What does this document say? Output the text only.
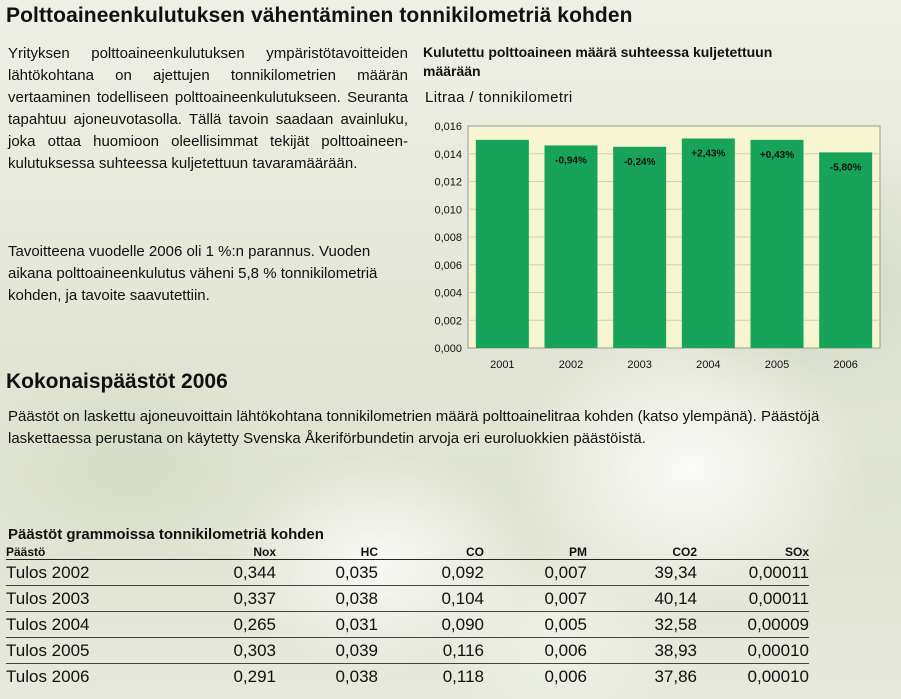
Polttoaineenkulutuksen vähentäminen tonnikilometriä kohden
Yrityksen polttoaineenkulutuksen ympäristötavoitteiden lähtökohtana on ajettujen tonnikilometrien määrän vertaaminen todelliseen polttoaineenkulutukseen. Seuranta tapahtuu ajoneuvotasolla. Tällä tavoin saadaan avainluku, joka ottaa huomioon oleellisimmat tekijät polttoaineen-kulutuksessa suhteessa kuljetettuun tavaramäärään.
Tavoitteena vuodelle 2006 oli 1 %:n parannus. Vuoden aikana polttoaineenkulutus väheni 5,8 % tonnikilometriä kohden, ja tavoite saavutettiin.
Kulutettu polttoaineen määrä suhteessa kuljetettuun määrään
Litraa / tonnikilometri
0,000
0,002
0,004
0,006
0,008
0,010
0,012
0,014
0,016
2001
-0,94%
2002
-0,24%
2003
+2,43%
2004
+0,43%
2005
-5,80%
2006
Kokonaispäästöt 2006
Päästöt on laskettu ajoneuvoittain lähtökohtana tonnikilometrien määrä polttoainelitraa kohden (katso ylempänä). Päästöjä laskettaessa perustana on käytetty Svenska Åkeriförbundetin arvoja eri euroluokkien päästöistä.
Päästöt grammoissa tonnikilometriä kohden
Päästö	Nox	HC	CO	PM	CO2	SOx
Tulos 2002	0,344	0,035	0,092	0,007	39,34	0,00011
Tulos 2003	0,337	0,038	0,104	0,007	40,14	0,00011
Tulos 2004	0,265	0,031	0,090	0,005	32,58	0,00009
Tulos 2005	0,303	0,039	0,116	0,006	38,93	0,00010
Tulos 2006	0,291	0,038	0,118	0,006	37,86	0,00010
